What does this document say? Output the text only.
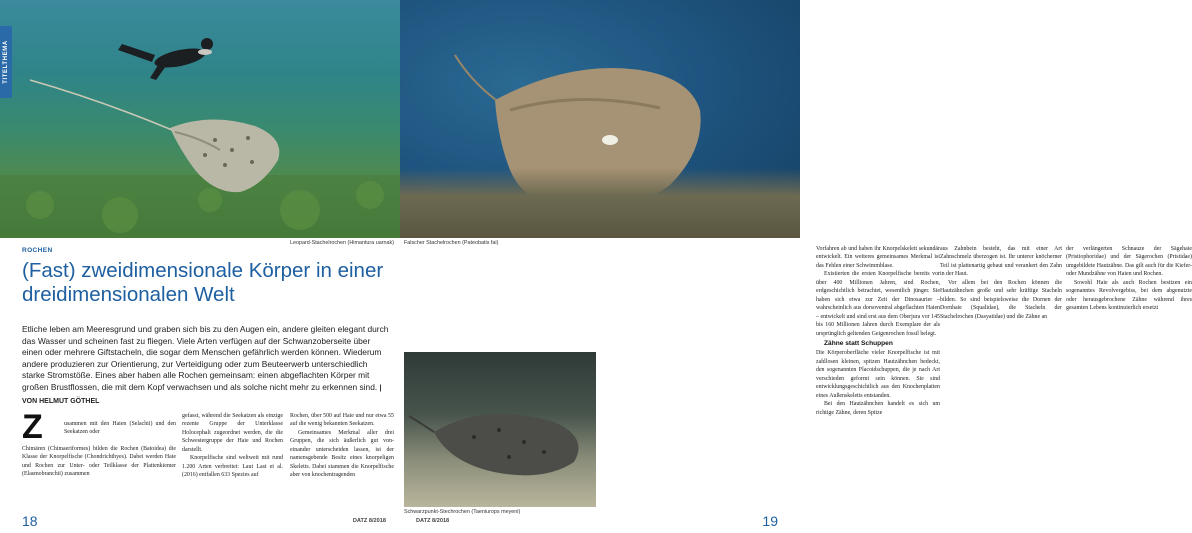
TITELTHEMA
Leopard-Stachelrochen (Himantura uarnak)
ROCHEN
(Fast) zweidimensionale Körper in einer dreidimensionalen Welt
Etliche leben am Meeresgrund und graben sich bis zu den Augen ein, andere gleiten elegant durch das Wasser und scheinen fast zu fliegen. Viele Arten verfügen auf der Schwanzoberseite über einen oder mehrere Giftstacheln, die sogar dem Menschen gefährlich werden können. Wiederum andere produzieren zur Orientierung, zur Verteidigung oder zum Beuteerwerb unterschiedlich starke Stromstöße. Eines aber haben alle Rochen gemeinsam: einen abgeflachten Körper mit großen Brustflossen, die mit dem Kopf verwachsen und als solche nicht mehr zu erkennen sind. | VON HELMUT GÖTHEL
Z	usammen mit den Haien (Selachii) und den Seekatzen oder

Chimären (Chimaeriformes) bilden die Rochen (Batoidea) die Klasse der Knorpelfische (Chondrichthyes). Dabei werden Haie und Rochen zur Unter- oder Teilklasse der Plattenkiemer (Elasmobranchii) zusammen

gefasst, während die Seekatzen als einzige rezente Gruppe der Unterklasse Holocephali zugeordnet werden, die die Schwestergruppe der Haie und Rochen darstellt.

Knorpelfische sind weltweit mit rund 1.200 Arten verbreitet: Laut Last et al. (2016) entfallen 633 Spezies auf

Rochen, über 500 auf Haie und nur etwa 55 auf die wenig bekannten Seekatzen.

Gemeinsames Merkmal aller drei Gruppen, die sich äußerlich gut voneinander unterscheiden lassen, ist der namensgebende Besitz eines knorpeligen Skeletts. Dabei stammen die Knorpelfische aber von knochentragenden

18	DATZ 8/2018
Falscher Stachelrochen (Pateobatis fai)

Vorfahren ab und haben ihr Knorpelskelett sekundär entwickelt. Ein weiteres gemeinsames Merkmal ist das Fehlen einer Schwimmblase.

Existierten die ersten Knorpelfische bereits vor über 400 Millionen Jahren, sind Rochen, erdgeschichtlich betrachtet, wesentlich jünger. Sie haben sich etwa zur Zeit der Dinosaurier – wahrscheinlich aus dorsoventral abgeflachten Haien – entwickelt und sind erst aus dem Oberjura vor 145 bis 160 Millionen Jahren durch Exemplare der als ursprünglich geltenden Geigenrochen fossil belegt.

Zähne statt Schuppen

Die Körperoberfläche vieler Knorpelfische ist mit zahllosen kleinen, spitzen Hautzähnchen bedeckt, den sogenannten Placoidschuppen, die je nach Art verschieden geformt sein können. Sie sind entwicklungsgeschichtlich aus den Knochenplatten eines Außenskeletts entstanden.

Bei den Hautzähnchen handelt es sich um richtige Zähne, deren Spitze

aus Zahnbein besteht, das mit einer Art Zahnschmelz überzogen ist. Ihr unterer knöcherner Teil ist plattenartig gebaut und verankert den Zahn in der Haut.

Vor allem bei den Rochen können die Hautzähnchen große und sehr kräftige Stacheln bilden. So sind beispielsweise die Dornen der Dornhaie (Squalidae), die Stacheln der Stachelrochen (Dasyatidae) und die Zähne an

der verlängerten Schnauze der Sägehaie (Pristiophoridae) und der Sägerochen (Pristidae) umgebildete Hautzähne. Das gilt auch für die Kiefer- oder Mundzähne von Haien und Rochen.

Sowohl Haie als auch Rochen besitzen ein sogenanntes Revolvergebiss, bei dem abgenutzte oder herausgebrochene Zähne während ihres gesamten Lebens kontinuierlich ersetzt

Schwarzpunkt-Stechrochen (Taeniurops meyeni)
19
DATZ 8/2018
